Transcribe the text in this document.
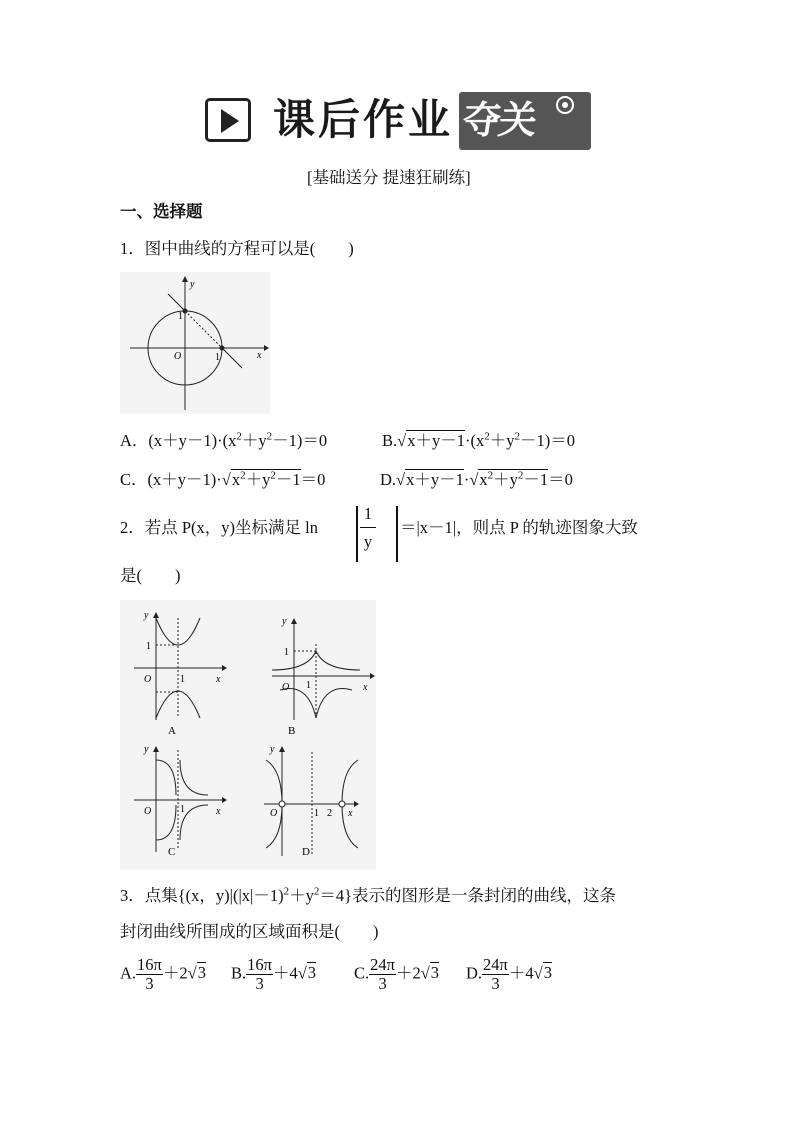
课后作业 夺关
[基础送分 提速狂刷练]
一、选择题
1．图中曲线的方程可以是(　　)
y
x
O
1
1
A．$(x+y-1)\cdot(x^2+y^2-1)=0$	$B.√x+y-1\cdot(x^2+y^2-1)=0$
C．$(x+y-1)\cdot√x^2+y^2-1=0$	$D.√x+y-1\cdot√x^2+y^2-1=0$
2．若点 P(x，y)坐标满足 ln
1
y
＝|x－1|，则点 P 的轨迹图象大致
是(　　)
y
x
O
1
1
A
y
x
O
1
1
B
y
x
O	1
C
y
x
O	1 2
D
3．点集{(x，$y)|(|x|-1)^2+y^2=4$}表示的图形是一条封闭的曲线，这条
封闭曲线所围成的区域面积是(　　)
A. $\frac{16\pi}{3} +2√3$ B. $\frac{16\pi}{3} +4√3$ C. $\frac{24\pi}{3} +2√3$ D. $\frac{24\pi}{3} +4√3$
